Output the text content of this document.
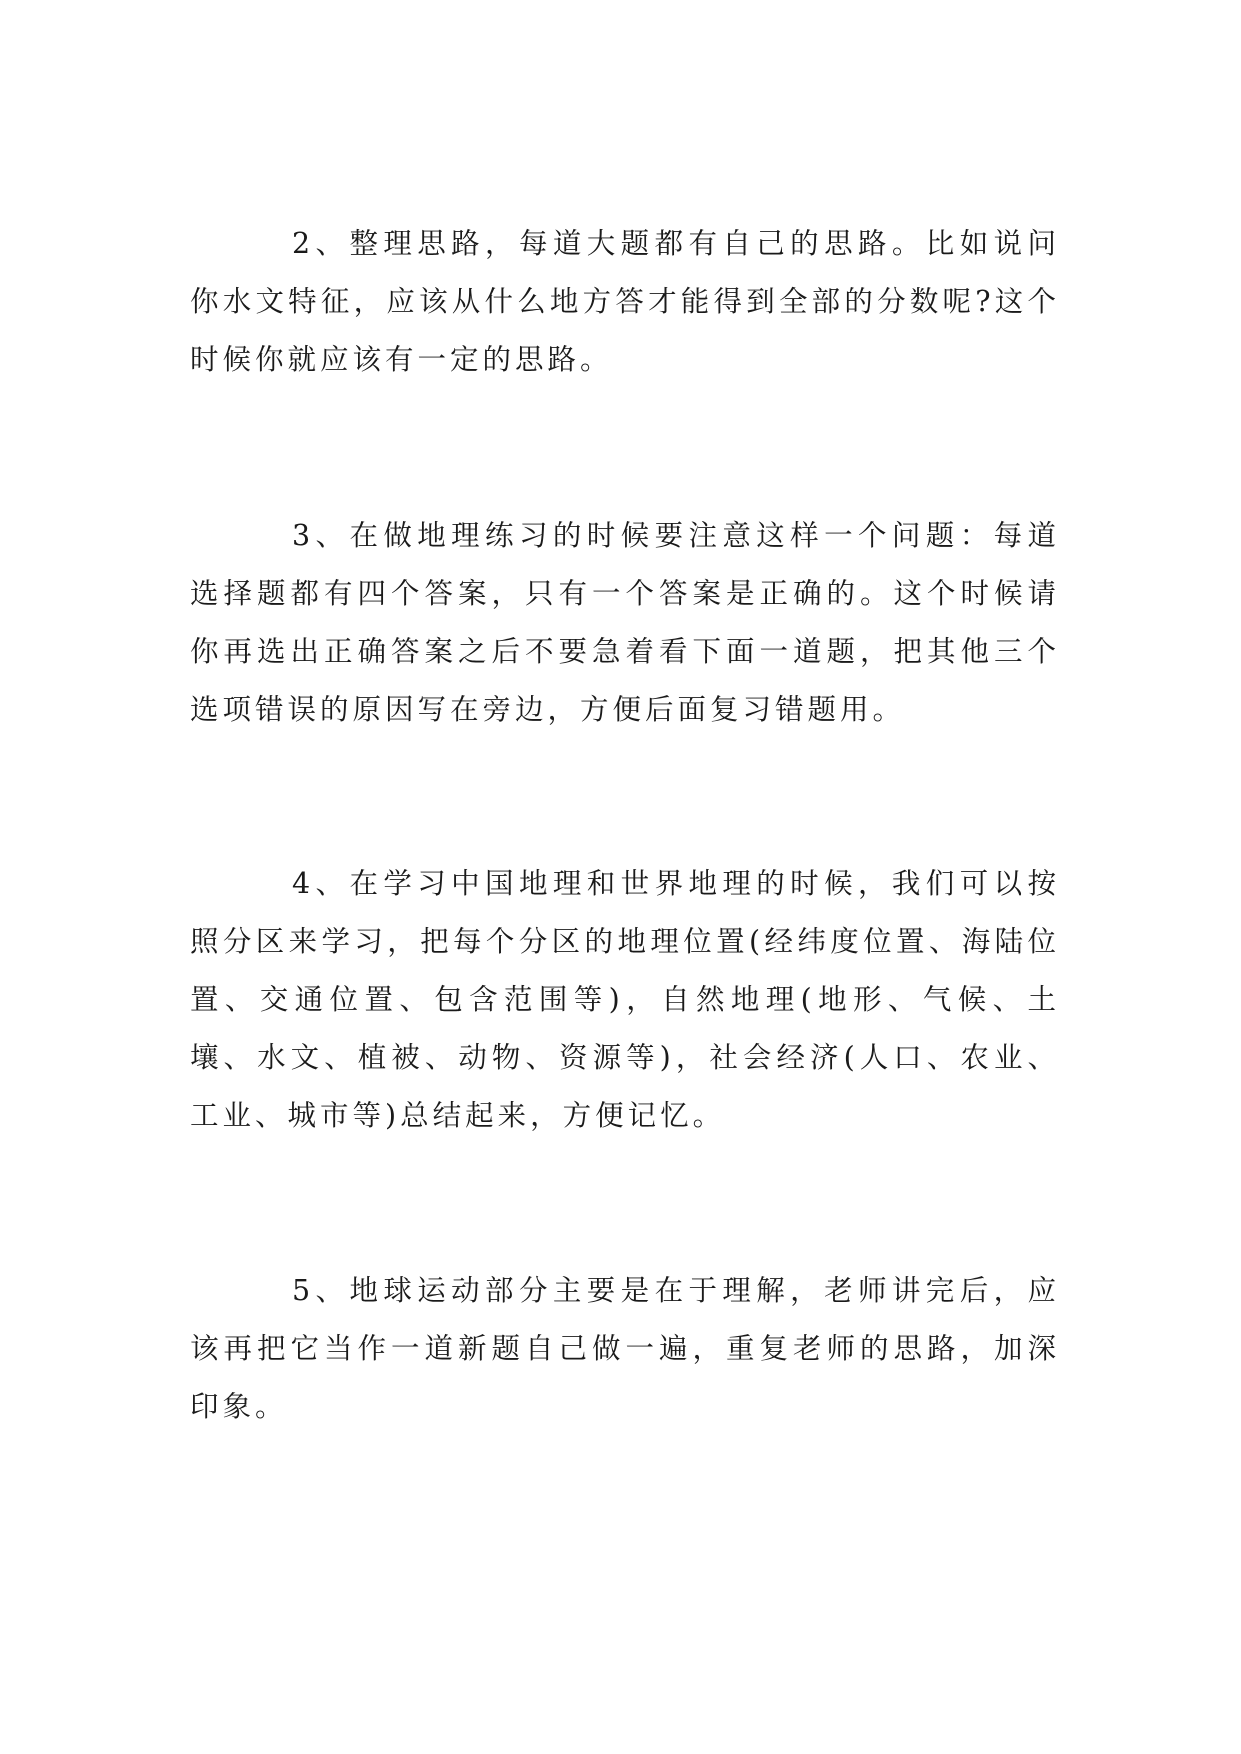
2、整理思路，每道大题都有自己的思路。比如说问你水文特征，应该从什么地方答才能得到全部的分数呢?这个时候你就应该有一定的思路。

3、在做地理练习的时候要注意这样一个问题：每道选择题都有四个答案，只有一个答案是正确的。这个时候请你再选出正确答案之后不要急着看下面一道题，把其他三个选项错误的原因写在旁边，方便后面复习错题用。

4、在学习中国地理和世界地理的时候，我们可以按照分区来学习，把每个分区的地理位置(经纬度位置、海陆位置、交通位置、包含范围等)，自然地理(地形、气候、土壤、水文、植被、动物、资源等)，社会经济(人口、农业、工业、城市等)总结起来，方便记忆。

5、地球运动部分主要是在于理解，老师讲完后，应该再把它当作一道新题自己做一遍，重复老师的思路，加深印象。
